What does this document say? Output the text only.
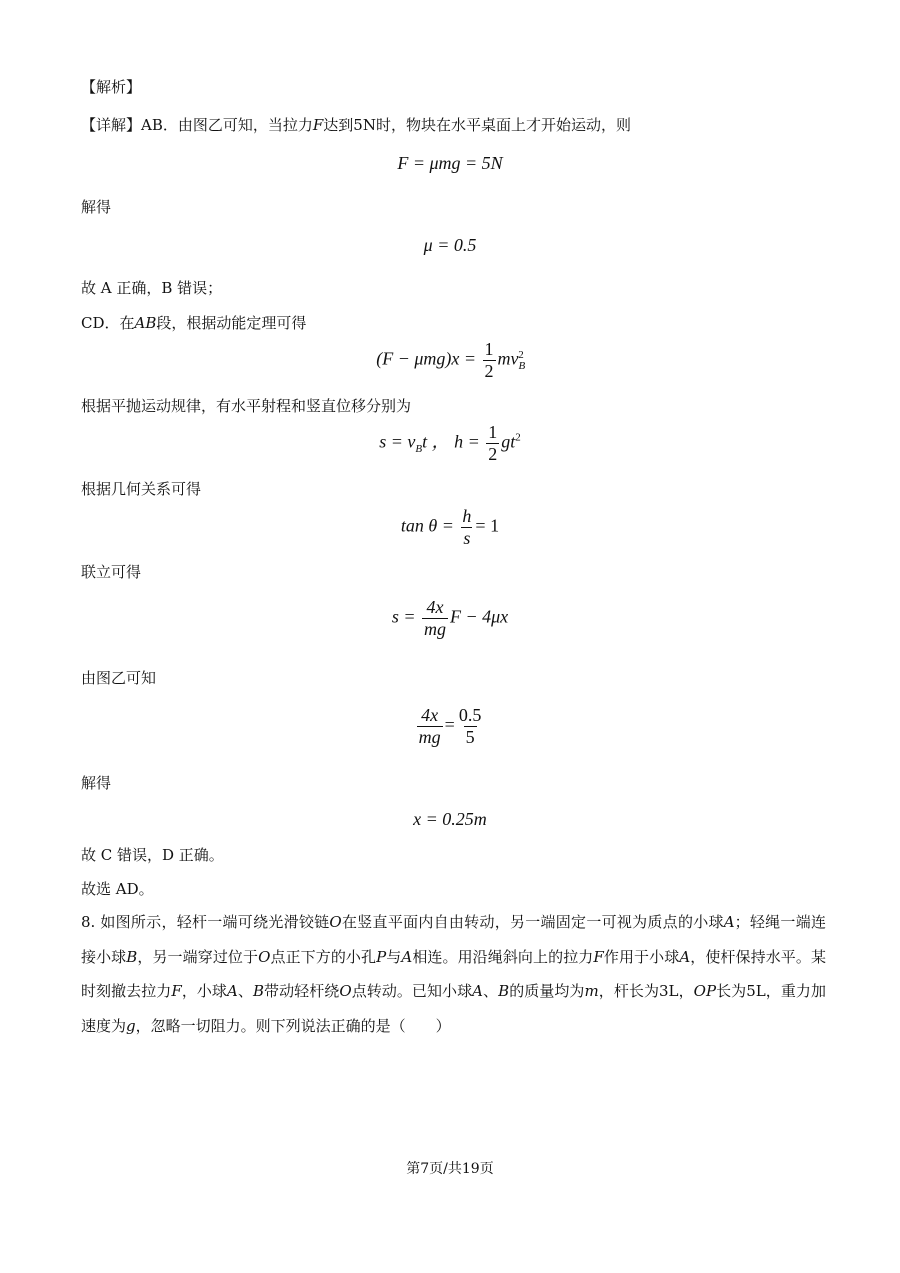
【解析】
【详解】AB．由图乙可知，当拉力F达到5N时，物块在水平桌面上才开始运动，则
F = μmg = 5N
解得
μ = 0.5
故 A 正确，B 错误；
CD．在AB段，根据动能定理可得
$(F - \mu mg)x = \frac{1}{2} mv_B^2$
根据平抛运动规律，有水平射程和竖直位移分别为
$s = v_Bt$ ， $h = \frac{1}{2} gt^2$
根据几何关系可得
$\tan \theta = \frac{h}{s} = 1$
联立可得
$s = \frac{4x}{mg}$ F − 4μx
由图乙可知
$\frac{4x}{mg} = \frac{0.5}{5}$
解得
x = 0.25m
故 C 错误，D 正确。
故选 AD。
8. 如图所示，轻杆一端可绕光滑铰链O在竖直平面内自由转动，另一端固定一可视为质点的小球A；轻绳一端连接小球B，另一端穿过位于O点正下方的小孔P与A相连。用沿绳斜向上的拉力F作用于小球A，使杆保持水平。某时刻撤去拉力F，小球A、B带动轻杆绕O点转动。已知小球A、B的质量均为m，杆长为3L，OP长为5L，重力加速度为g，忽略一切阻力。则下列说法正确的是（　　）
第7页/共19页
